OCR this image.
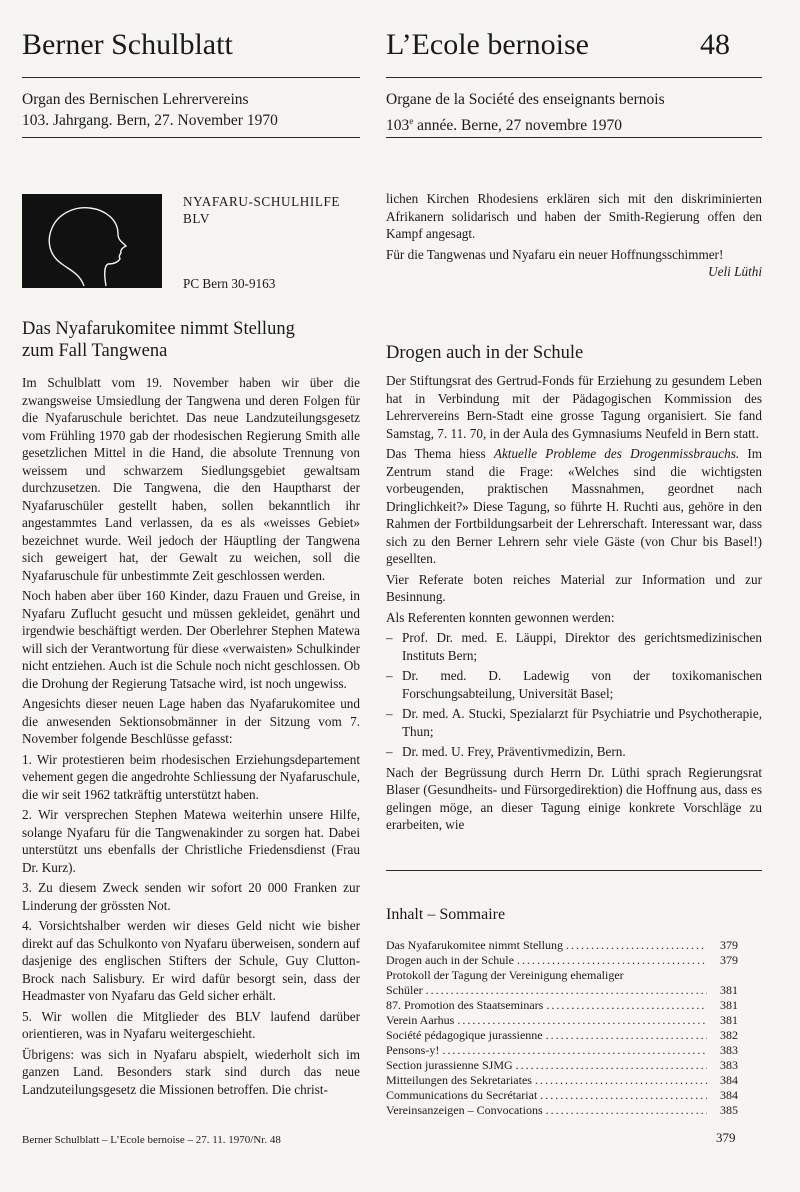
Berner Schulblatt	L’Ecole bernoise	48
Organ des Bernischen Lehrervereins
103. Jahrgang. Bern, 27. November 1970
Organe de la Société des enseignants bernois
103e année. Berne, 27 novembre 1970
NYAFARU-SCHULHILFE
BLV
PC Bern 30-9163
Das Nyafarukomitee nimmt Stellung
zum Fall Tangwena

Im Schulblatt vom 19. November haben wir über die zwangsweise Umsiedlung der Tangwena und deren Folgen für die Nyafaruschule berichtet. Das neue Landzuteilungsgesetz vom Frühling 1970 gab der rhodesischen Regierung Smith alle gesetzlichen Mittel in die Hand, die absolute Trennung von weissem und schwarzem Siedlungsgebiet gewaltsam durchzusetzen. Die Tangwena, die den Hauptharst der Nyafaruschüler gestellt haben, sollen bekanntlich ihr angestammtes Land verlassen, da es als «weisses Gebiet» bezeichnet wurde. Weil jedoch der Häuptling der Tangwena sich geweigert hat, der Gewalt zu weichen, soll die Nyafaruschule für unbestimmte Zeit geschlossen werden.

Noch haben aber über 160 Kinder, dazu Frauen und Greise, in Nyafaru Zuflucht gesucht und müssen gekleidet, genährt und irgendwie beschäftigt werden. Der Oberlehrer Stephen Matewa will sich der Verantwortung für diese «verwaisten» Schulkinder nicht entziehen. Auch ist die Schule noch nicht geschlossen. Ob die Drohung der Regierung Tatsache wird, ist noch ungewiss.

Angesichts dieser neuen Lage haben das Nyafarukomitee und die anwesenden Sektionsobmänner in der Sitzung vom 7. November folgende Beschlüsse gefasst:

1. Wir protestieren beim rhodesischen Erziehungsdepartement vehement gegen die angedrohte Schliessung der Nyafaruschule, die wir seit 1962 tatkräftig unterstützt haben.

2. Wir versprechen Stephen Matewa weiterhin unsere Hilfe, solange Nyafaru für die Tangwenakinder zu sorgen hat. Dabei unterstützt uns ebenfalls der Christliche Friedensdienst (Frau Dr. Kurz).

3. Zu diesem Zweck senden wir sofort 20 000 Franken zur Linderung der grössten Not.

4. Vorsichtshalber werden wir dieses Geld nicht wie bisher direkt auf das Schulkonto von Nyafaru überweisen, sondern auf dasjenige des englischen Stifters der Schule, Guy Clutton-Brock nach Salisbury. Er wird dafür besorgt sein, dass der Headmaster von Nyafaru das Geld sicher erhält.

5. Wir wollen die Mitglieder des BLV laufend darüber orientieren, was in Nyafaru weitergeschieht.

Übrigens: was sich in Nyafaru abspielt, wiederholt sich im ganzen Land. Besonders stark sind durch das neue Landzuteilungsgesetz die Missionen betroffen. Die christ-

lichen Kirchen Rhodesiens erklären sich mit den diskriminierten Afrikanern solidarisch und haben der Smith-Regierung offen den Kampf angesagt.

Für die Tangwenas und Nyafaru ein neuer Hoffnungsschimmer!

Ueli Lüthi
Drogen auch in der Schule

Der Stiftungsrat des Gertrud-Fonds für Erziehung zu gesundem Leben hat in Verbindung mit der Pädagogischen Kommission des Lehrervereins Bern-Stadt eine grosse Tagung organisiert. Sie fand Samstag, 7. 11. 70, in der Aula des Gymnasiums Neufeld in Bern statt.

Das Thema hiess Aktuelle Probleme des Drogenmissbrauchs. Im Zentrum stand die Frage: «Welches sind die wichtigsten vorbeugenden, praktischen Massnahmen, geordnet nach Dringlichkeit?» Diese Tagung, so führte H. Ruchti aus, gehöre in den Rahmen der Fortbildungsarbeit der Lehrerschaft. Interessant war, dass sich zu den Berner Lehrern sehr viele Gäste (von Chur bis Basel!) gesellten.

Vier Referate boten reiches Material zur Information und zur Besinnung.

Als Referenten konnten gewonnen werden:

– Prof. Dr. med. E. Läuppi, Direktor des gerichtsmedizinischen Instituts Bern;
– Dr. med. D. Ladewig von der toxikomanischen Forschungsabteilung, Universität Basel;
– Dr. med. A. Stucki, Spezialarzt für Psychiatrie und Psychotherapie, Thun;
– Dr. med. U. Frey, Präventivmedizin, Bern.

Nach der Begrüssung durch Herrn Dr. Lüthi sprach Regierungsrat Blaser (Gesundheits- und Fürsorgedirektion) die Hoffnung aus, dass es gelingen möge, an dieser Tagung einige konkrete Vorschläge zu erarbeiten, wie

Inhalt – Sommaire
Das Nyafarukomitee nimmt Stellung .....	379
Drogen auch in der Schule .....	379
Protokoll der Tagung der Vereinigung ehemaliger
Schüler .....	381
87. Promotion des Staatseminars .....	381
Verein Aarhus .....	381
Société pédagogique jurassienne .....	382
Pensons-y! .....	383
Section jurassienne SJMG .....	383
Mitteilungen des Sekretariates .....	384
Communications du Secrétariat .....	384
Vereinsanzeigen – Convocations .....	385
Berner Schulblatt – L’Ecole bernoise – 27. 11. 1970/Nr. 48	379
